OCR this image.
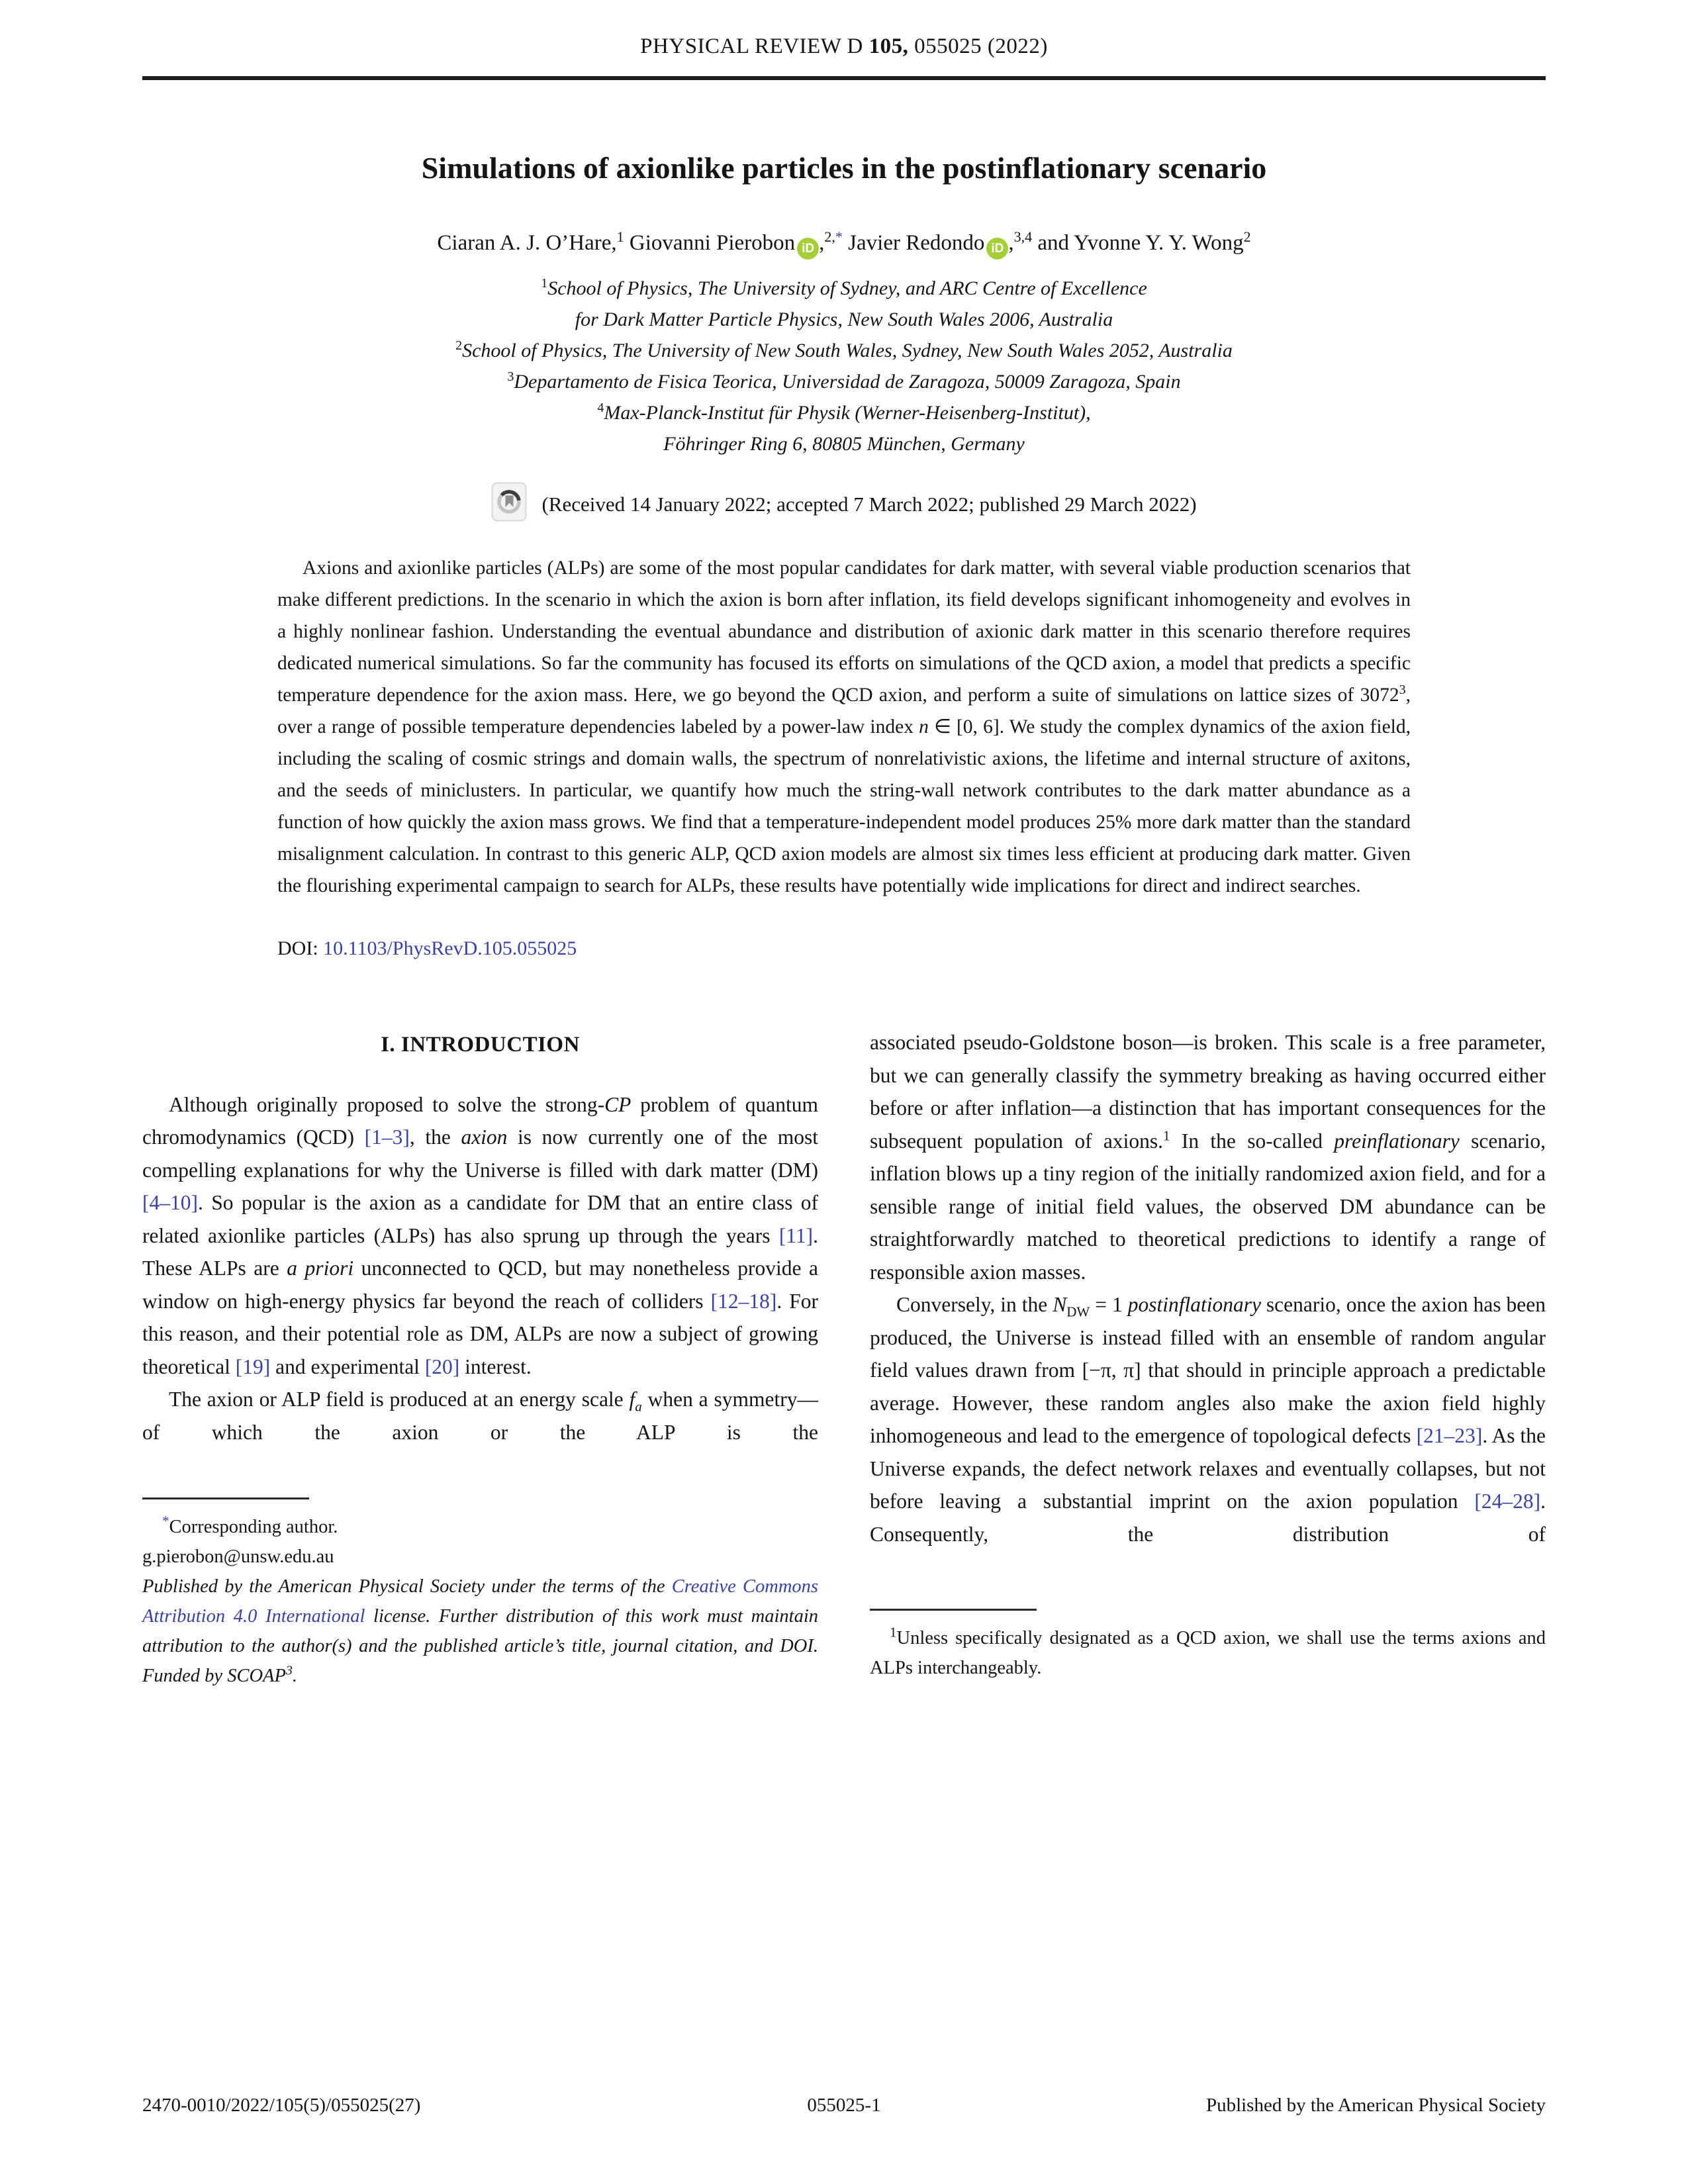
PHYSICAL REVIEW D 105, 055025 (2022)
Simulations of axionlike particles in the postinflationary scenario
Ciaran A. J. O’Hare,$^1$ Giovanni Pierobon iD ,$^{2,*}$ Javier Redondo iD ,$^{3,4}$ and Yvonne Y. Y. Wong$^2$
$^1$School of Physics, The University of Sydney, and ARC Centre of Excellence
for Dark Matter Particle Physics, New South Wales 2006, Australia
$^2$School of Physics, The University of New South Wales, Sydney, New South Wales 2052, Australia
$^3$Departamento de Fisica Teorica, Universidad de Zaragoza, 50009 Zaragoza, Spain
$^4$Max-Planck-Institut für Physik (Werner-Heisenberg-Institut),
Föhringer Ring 6, 80805 München, Germany
(Received 14 January 2022; accepted 7 March 2022; published 29 March 2022)

Axions and axionlike particles (ALPs) are some of the most popular candidates for dark matter, with several viable production scenarios that make different predictions. In the scenario in which the axion is born after inflation, its field develops significant inhomogeneity and evolves in a highly nonlinear fashion. Understanding the eventual abundance and distribution of axionic dark matter in this scenario therefore requires dedicated numerical simulations. So far the community has focused its efforts on simulations of the QCD axion, a model that predicts a specific temperature dependence for the axion mass. Here, we go beyond the QCD axion, and perform a suite of simulations on lattice sizes of 3072$^3$, over a range of possible temperature dependencies labeled by a power-law index n ∈ [0, 6]. We study the complex dynamics of the axion field, including the scaling of cosmic strings and domain walls, the spectrum of nonrelativistic axions, the lifetime and internal structure of axitons, and the seeds of miniclusters. In particular, we quantify how much the string-wall network contributes to the dark matter abundance as a function of how quickly the axion mass grows. We find that a temperature-independent model produces 25% more dark matter than the standard misalignment calculation. In contrast to this generic ALP, QCD axion models are almost six times less efficient at producing dark matter. Given the flourishing experimental campaign to search for ALPs, these results have potentially wide implications for direct and indirect searches.

DOI: 10.1103/PhysRevD.105.055025
I. INTRODUCTION

Although originally proposed to solve the strong-CP problem of quantum chromodynamics (QCD) [1–3], the axion is now currently one of the most compelling explanations for why the Universe is filled with dark matter (DM) [4–10]. So popular is the axion as a candidate for DM that an entire class of related axionlike particles (ALPs) has also sprung up through the years [11]. These ALPs are a priori unconnected to QCD, but may nonetheless provide a window on high-energy physics far beyond the reach of colliders [12–18]. For this reason, and their potential role as DM, ALPs are now a subject of growing theoretical [19] and experimental [20] interest.

The axion or ALP field is produced at an energy scale $f_a$ when a symmetry—of which the axion or the ALP is the

*Corresponding author.

g.pierobon@unsw.edu.au

Published by the American Physical Society under the terms of the Creative Commons Attribution 4.0 International license. Further distribution of this work must maintain attribution to the author(s) and the published article’s title, journal citation, and DOI. Funded by SCOAP$^3$.

associated pseudo-Goldstone boson—is broken. This scale is a free parameter, but we can generally classify the symmetry breaking as having occurred either before or after inflation—a distinction that has important consequences for the subsequent population of axions.$^1$ In the so-called preinflationary scenario, inflation blows up a tiny region of the initially randomized axion field, and for a sensible range of initial field values, the observed DM abundance can be straightforwardly matched to theoretical predictions to identify a range of responsible axion masses.

Conversely, in the $N_{DW} = 1$ postinflationary scenario, once the axion has been produced, the Universe is instead filled with an ensemble of random angular field values drawn from [−π, π] that should in principle approach a predictable average. However, these random angles also make the axion field highly inhomogeneous and lead to the emergence of topological defects [21–23]. As the Universe expands, the defect network relaxes and eventually collapses, but not before leaving a substantial imprint on the axion population [24–28]. Consequently, the distribution of

$^1$Unless specifically designated as a QCD axion, we shall use the terms axions and ALPs interchangeably.

2470-0010/2022/105(5)/055025(27)	055025-1	Published by the American Physical Society
